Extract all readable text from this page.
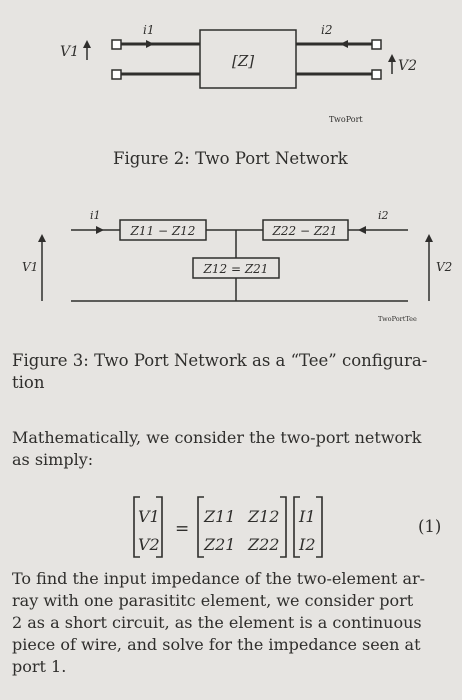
i1	i2
V1
V2
[Z]
TwoPort
Figure 2: Two Port Network
i1	i2
V1	V2
Z11 − Z12	Z22 − Z21
Z12 = Z21
TwoPortTee
Figure 3: Two Port Network as a “Tee” configura-
tion
Mathematically, we consider the two-port network
as simply:
V1
V2
=
Z11 Z12
Z21 Z22
I1
I2
(1)
To find the input impedance of the two-element ar-
ray with one parasititc element, we consider port
2 as a short circuit, as the element is a continuous
piece of wire, and solve for the impedance seen at
port 1.
